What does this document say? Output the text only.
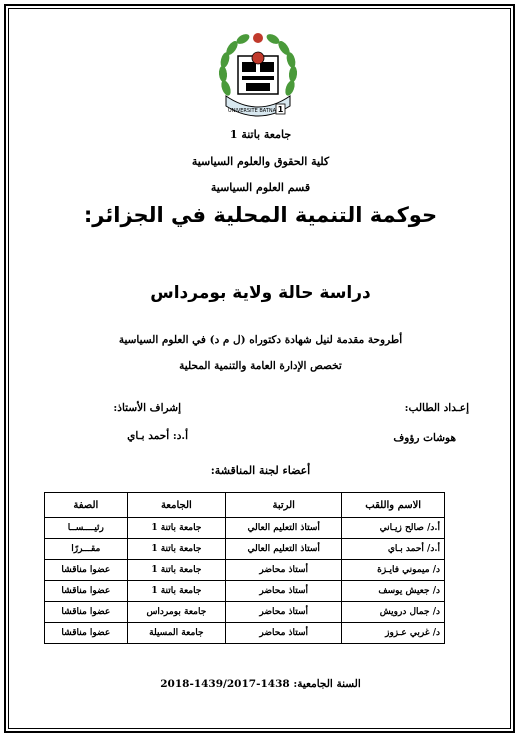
UNIVERSITE BATNA 1
جامعة باتنة 1
كلية الحقوق والعلوم السياسية
قسم العلوم السياسية
حوكمة التنمية المحلية في الجزائر:
دراسة حالة ولاية بومرداس
أطروحة مقدمة لنيل شهادة دكتوراه (ل م د) في العلوم السياسية
تخصص الإدارة العامة والتنمية المحلية
إعـداد الطالب:
هوشات رؤوف
إشراف الأستاذ:
أ.د: أحمد بـاي
أعضاء لجنة المناقشة:
الاسم واللقب	الرتبة	الجامعة	الصفة
أ.د/ صالح زيـاني	أستاذ التعليم العالي	جامعة باتنة 1	رئيــــســا
أ.د/ أحمد بـاي	أستاذ التعليم العالي	جامعة باتنة 1	مقـــررًا
د/ ميموني فايـزة	أستاذ محاضر	جامعة باتنة 1	عضوا مناقشا
د/ جعيش يوسف	أستاذ محاضر	جامعة باتنة 1	عضوا مناقشا
د/ جمال درويش	أستاذ محاضر	جامعة بومرداس	عضوا مناقشا
د/ غربي عـزوز	أستاذ محاضر	جامعة المسيلة	عضوا مناقشا
السنة الجامعية: 1438-1439/2017-2018
